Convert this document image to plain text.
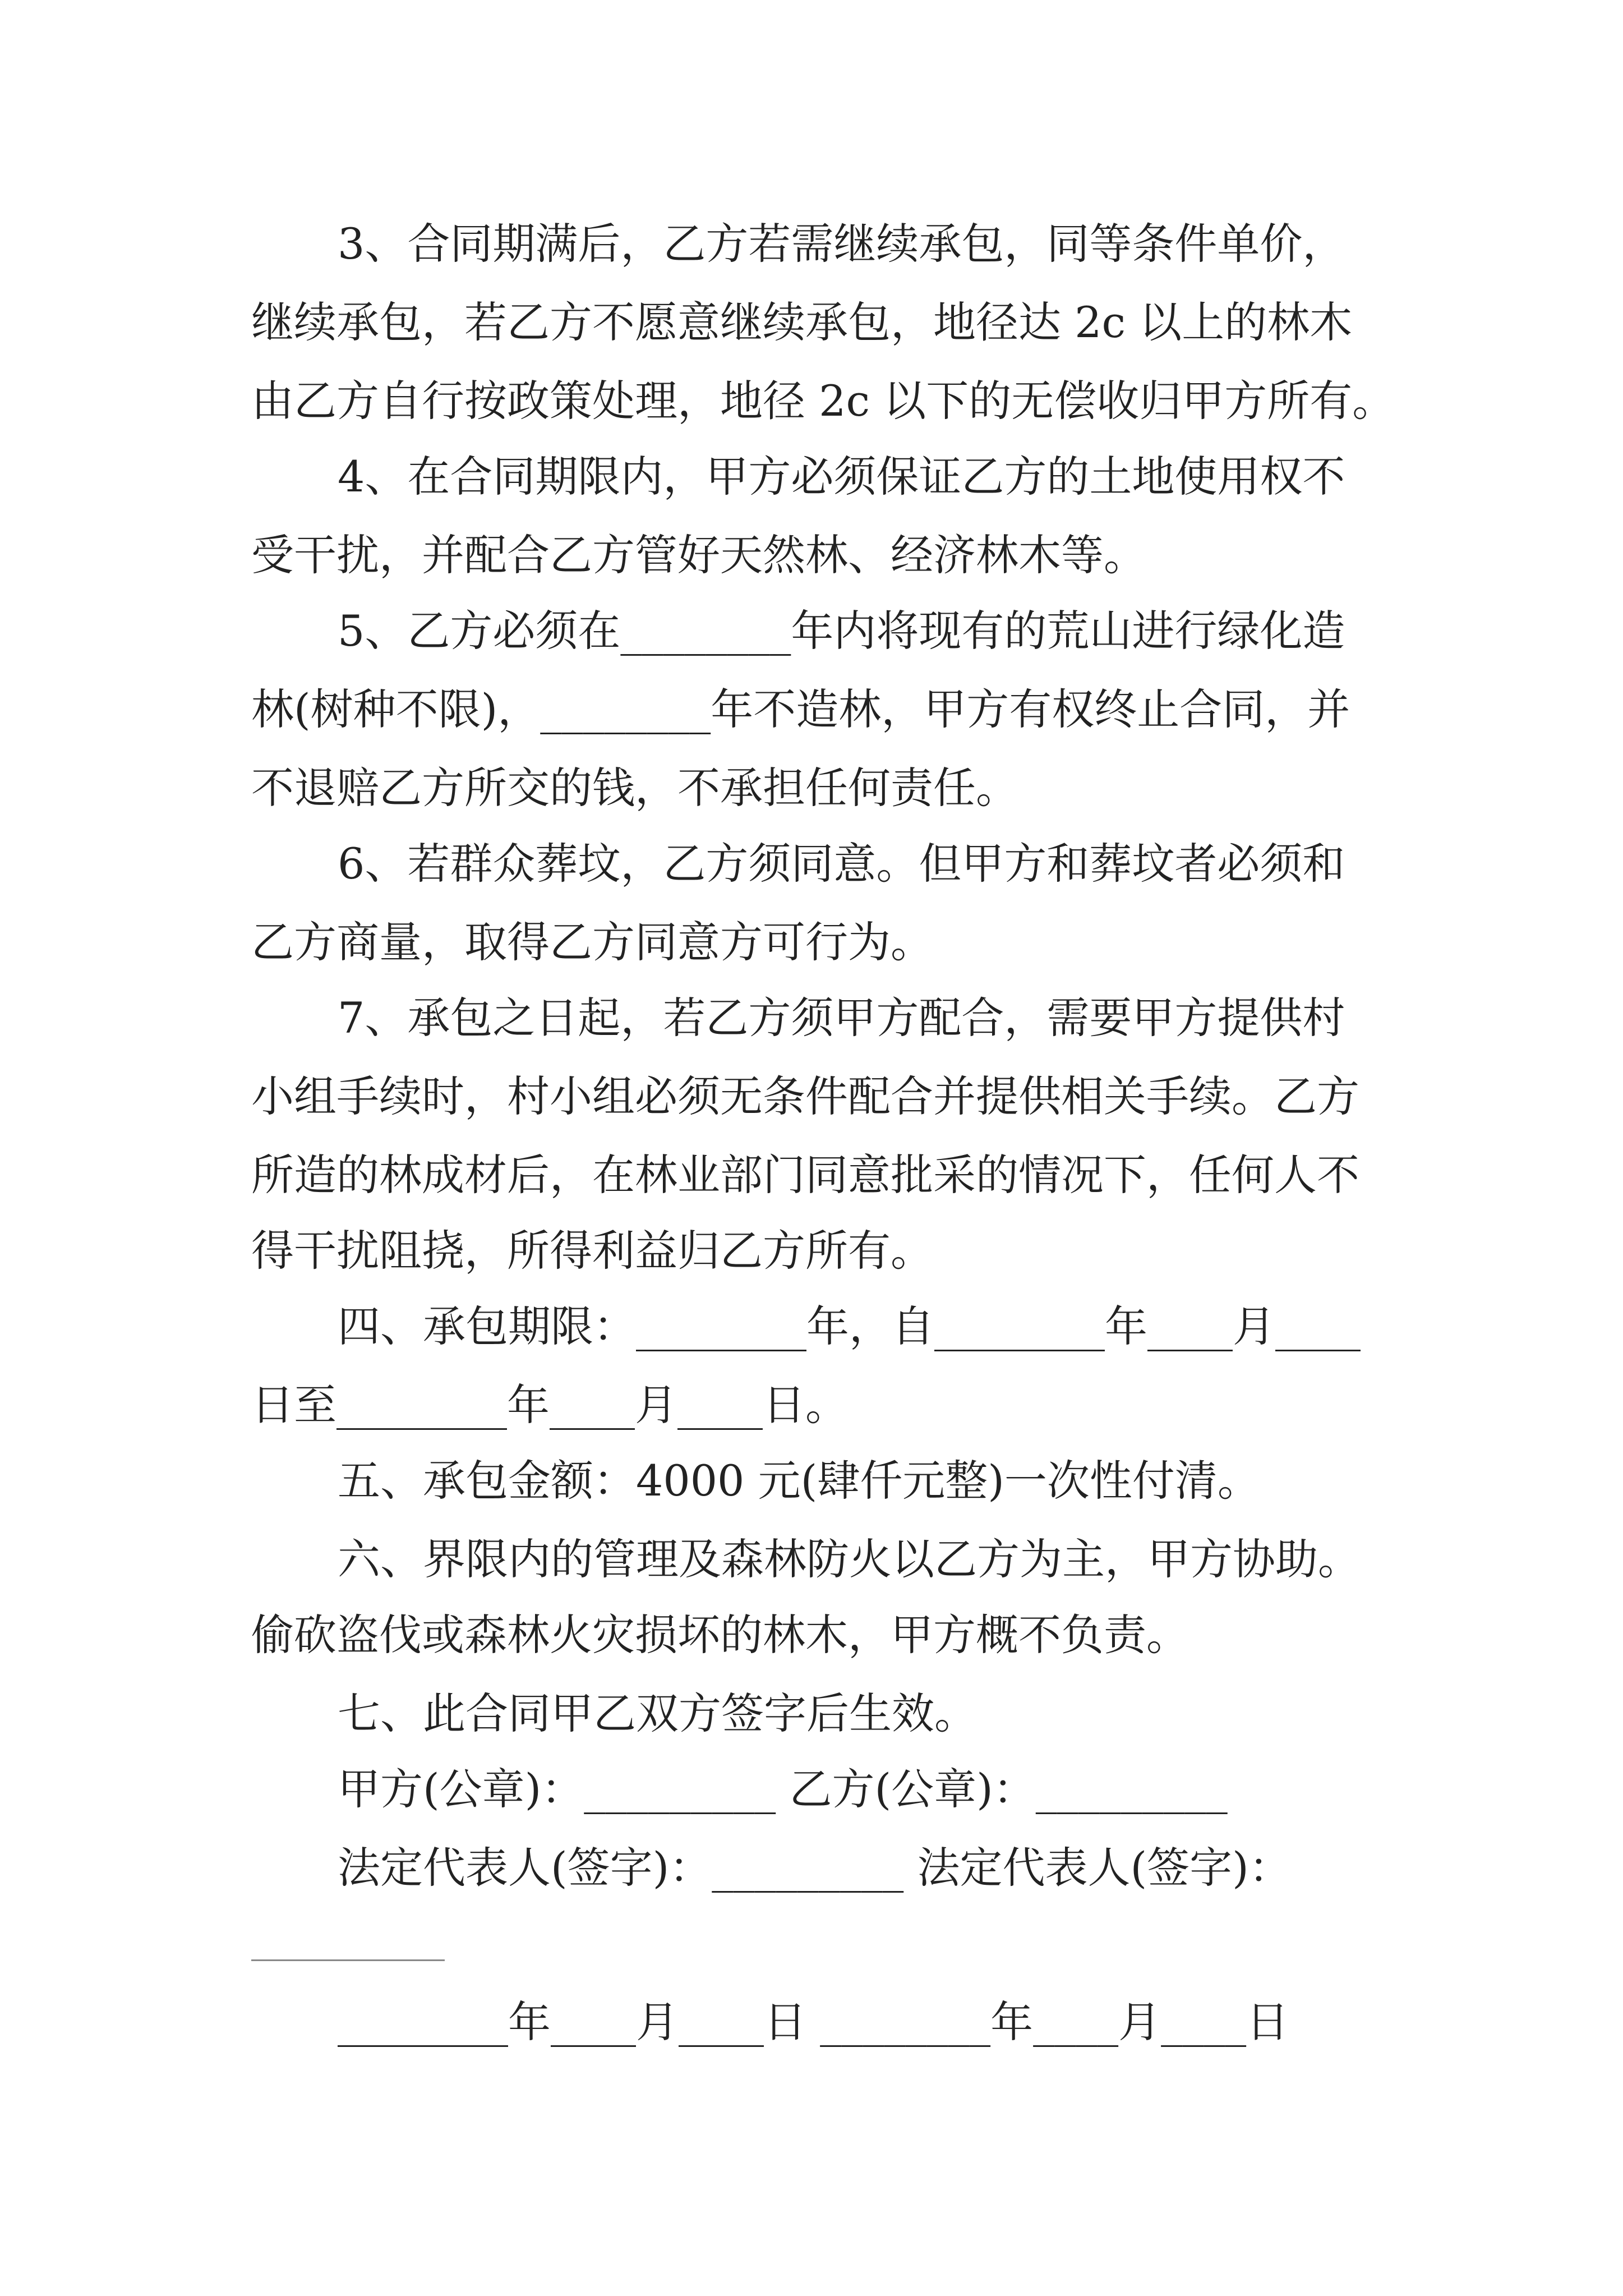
3、合同期满后，乙方若需继续承包，同等条件单价，
继续承包，若乙方不愿意继续承包，地径达 2c 以上的林木
由乙方自行按政策处理，地径 2c 以下的无偿收归甲方所有。
4、在合同期限内，甲方必须保证乙方的土地使用权不
受干扰，并配合乙方管好天然林、经济林木等。
5、乙方必须在________年内将现有的荒山进行绿化造
林(树种不限)，________年不造林，甲方有权终止合同，并
不退赔乙方所交的钱，不承担任何责任。
6、若群众葬坟，乙方须同意。但甲方和葬坟者必须和
乙方商量，取得乙方同意方可行为。
7、承包之日起，若乙方须甲方配合，需要甲方提供村
小组手续时，村小组必须无条件配合并提供相关手续。乙方
所造的林成材后，在林业部门同意批采的情况下，任何人不
得干扰阻挠，所得利益归乙方所有。
四、承包期限：________年，自________年____月____
日至________年____月____日。
五、承包金额：4000 元(肆仟元整)一次性付清。
六、界限内的管理及森林防火以乙方为主，甲方协助。
偷砍盗伐或森林火灾损坏的林木，甲方概不负责。
七、此合同甲乙双方签字后生效。
甲方(公章)：_________ 乙方(公章)：_________
法定代表人(签字)：_________ 法定代表人(签字)：
________年____月____日 ________年____月____日
